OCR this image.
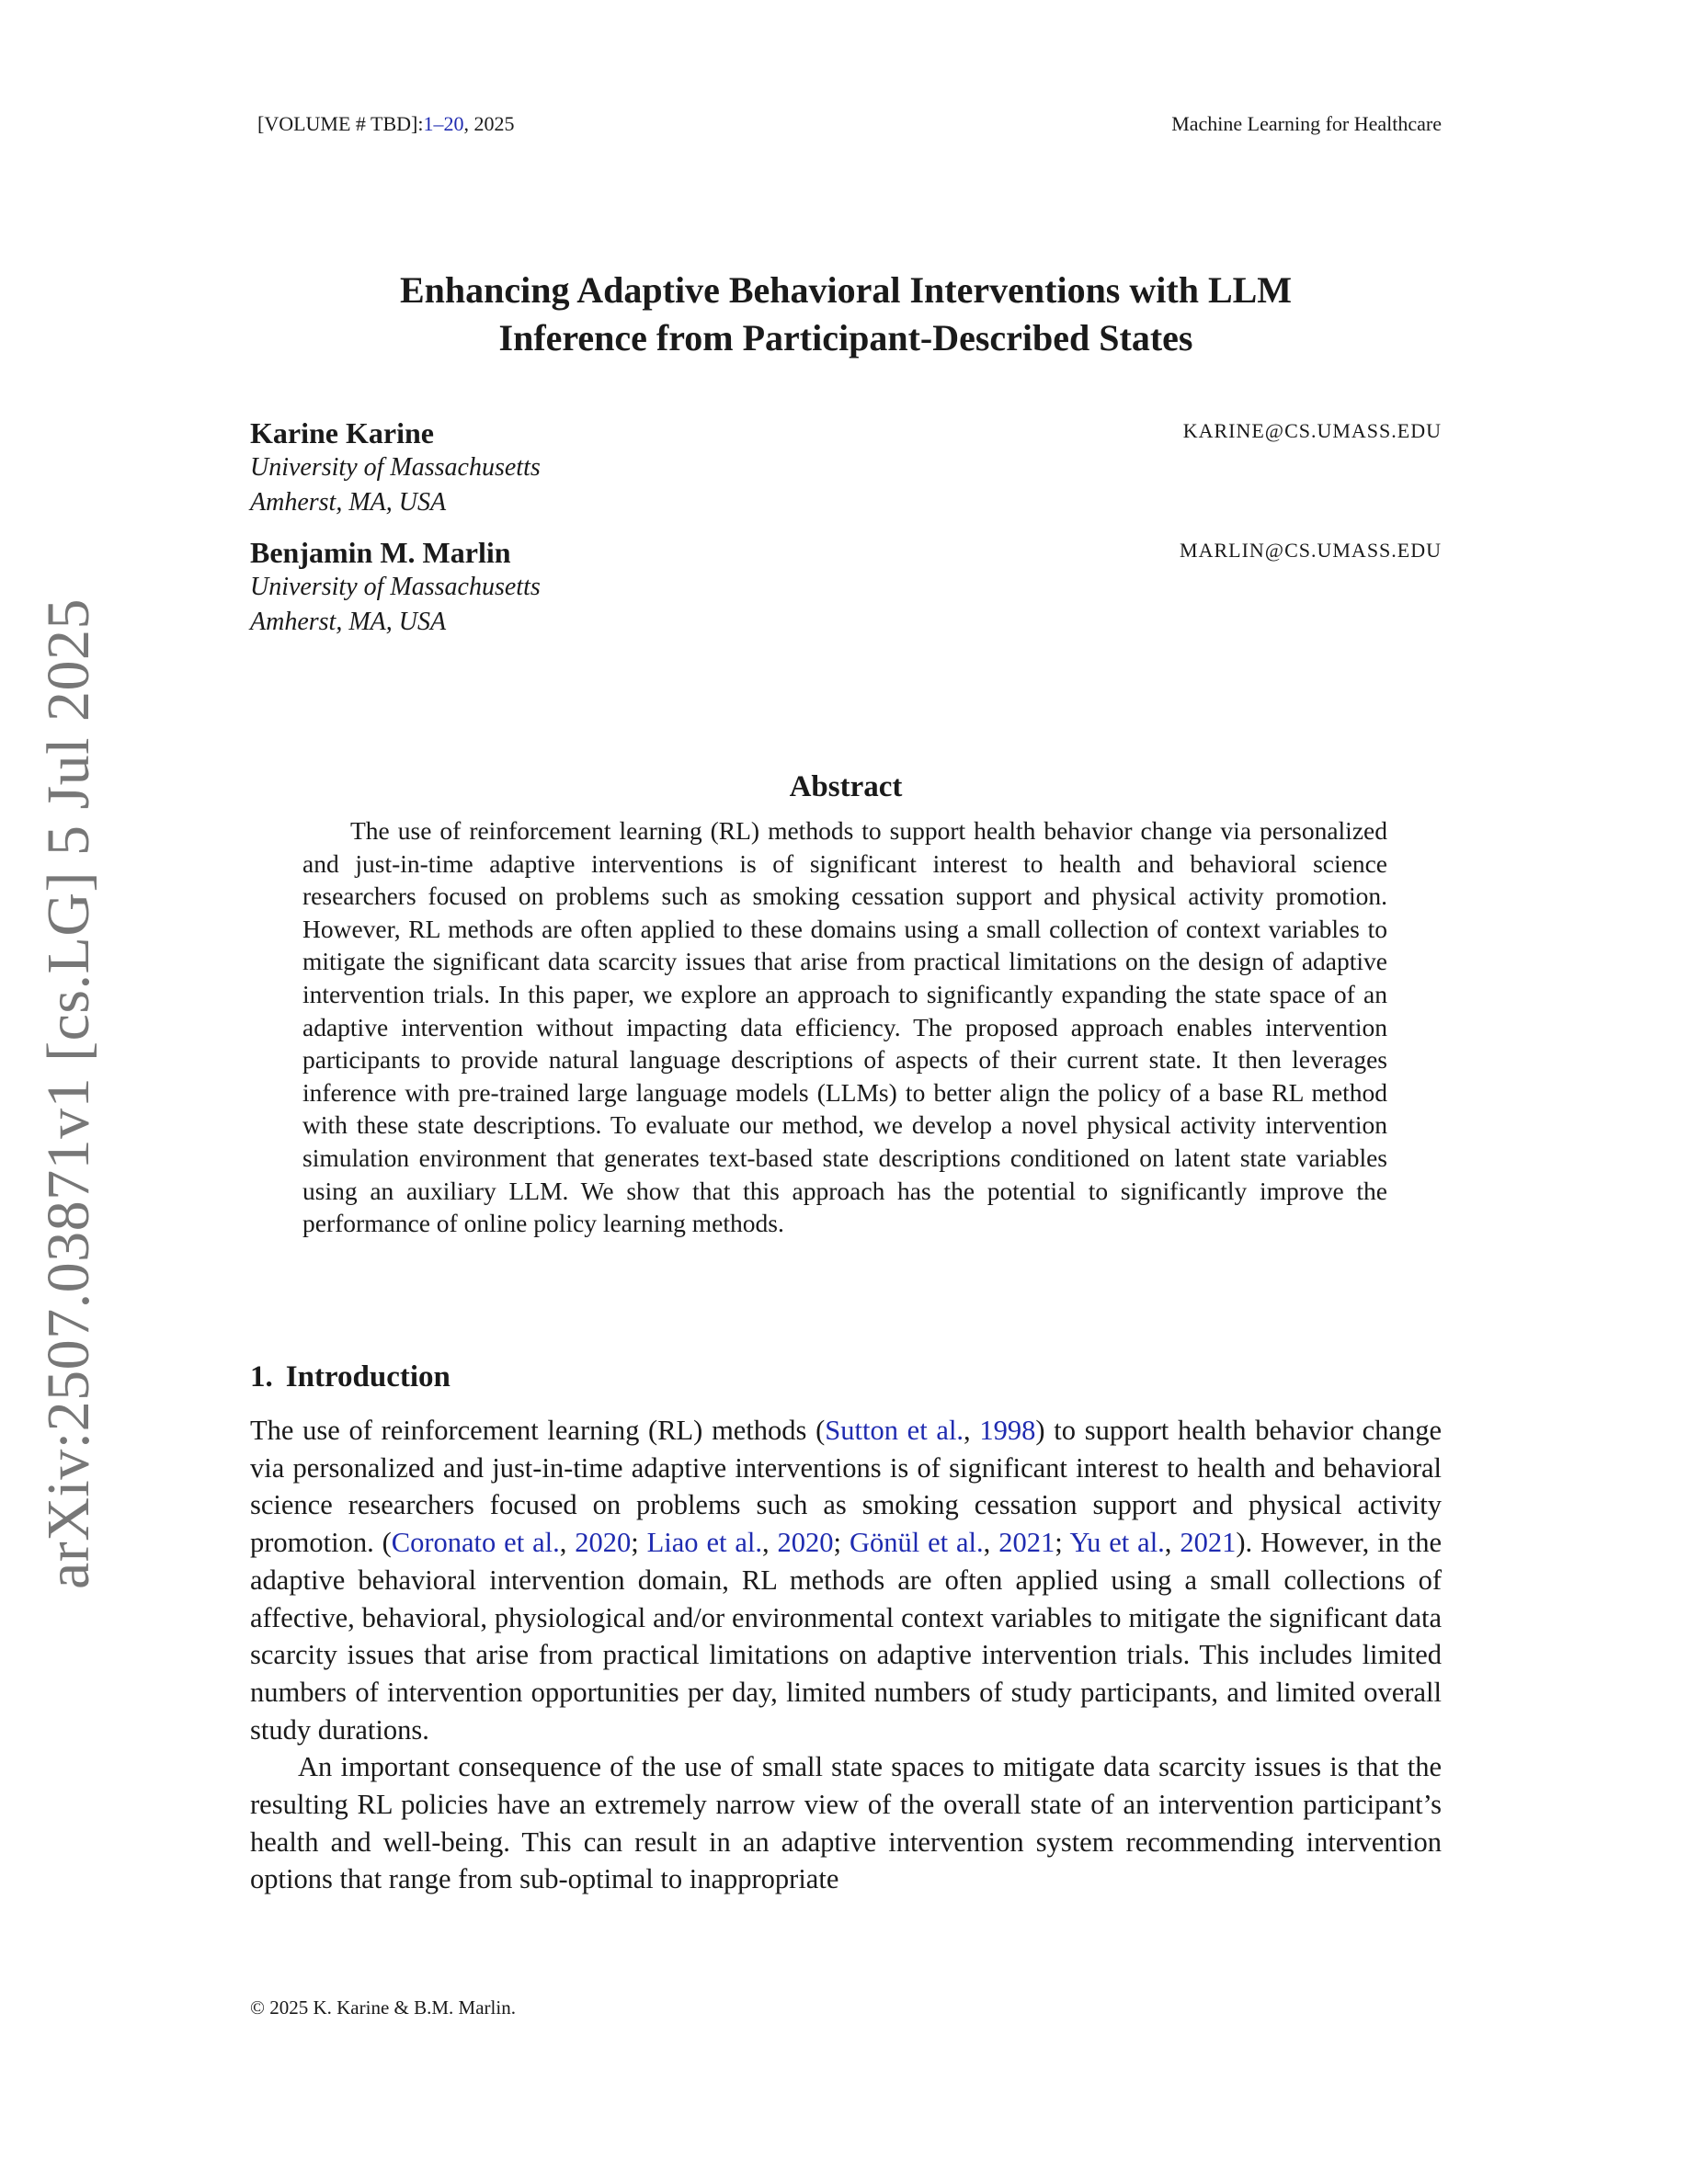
[VOLUME # TBD]:1–20, 2025	Machine Learning for Healthcare
arXiv:2507.03871v1 [cs.LG] 5 Jul 2025
Enhancing Adaptive Behavioral Interventions with LLM
Inference from Participant-Described States
Karine Karine
University of Massachusetts
Amherst, MA, USA
KARINE@CS.UMASS.EDU
Benjamin M. Marlin
University of Massachusetts
Amherst, MA, USA
MARLIN@CS.UMASS.EDU
Abstract
The use of reinforcement learning (RL) methods to support health behavior change via personalized and just-in-time adaptive interventions is of significant interest to health and behavioral science researchers focused on problems such as smoking cessation support and physical activity promotion. However, RL methods are often applied to these domains using a small collection of context variables to mitigate the significant data scarcity issues that arise from practical limitations on the design of adaptive intervention trials. In this paper, we explore an approach to significantly expanding the state space of an adaptive intervention without impacting data efficiency. The proposed approach enables intervention participants to provide natural language descriptions of aspects of their current state. It then leverages inference with pre-trained large language models (LLMs) to better align the policy of a base RL method with these state descriptions. To evaluate our method, we develop a novel physical activity intervention simulation environment that generates text-based state descriptions conditioned on latent state variables using an auxiliary LLM. We show that this approach has the potential to significantly improve the performance of online policy learning methods.
1. Introduction

The use of reinforcement learning (RL) methods (Sutton et al., 1998) to support health behavior change via personalized and just-in-time adaptive interventions is of significant interest to health and behavioral science researchers focused on problems such as smoking cessation support and physical activity promotion. (Coronato et al., 2020; Liao et al., 2020; Gönül et al., 2021; Yu et al., 2021). However, in the adaptive behavioral intervention domain, RL methods are often applied using a small collections of affective, behavioral, physiological and/or environmental context variables to mitigate the significant data scarcity issues that arise from practical limitations on adaptive intervention trials. This includes limited numbers of intervention opportunities per day, limited numbers of study participants, and limited overall study durations.

An important consequence of the use of small state spaces to mitigate data scarcity issues is that the resulting RL policies have an extremely narrow view of the overall state of an intervention participant’s health and well-being. This can result in an adaptive intervention system recommending intervention options that range from sub-optimal to inappropriate

© 2025 K. Karine & B.M. Marlin.
